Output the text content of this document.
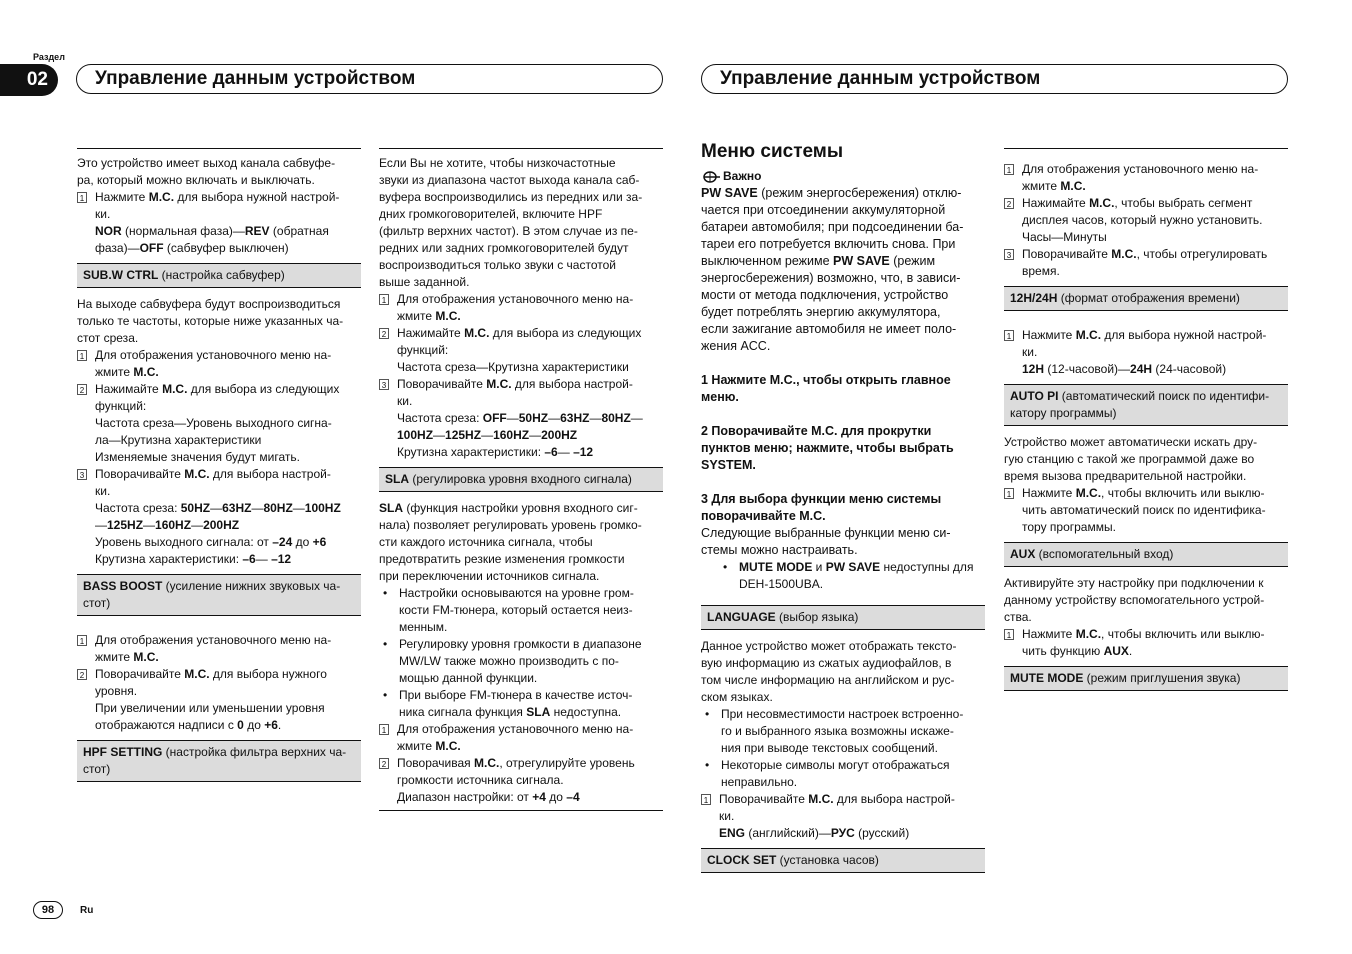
Раздел
02	Управление данным устройством	Управление данным устройством

Это устройство имеет выход канала сабвуфе-
ра, который можно включать и выключать.

1 Нажмите M.C. для выбора нужной настрой-
ки.
NOR (нормальная фаза)—REV (обратная
фаза)—OFF (сабвуфер выключен)
SUB.W CTRL (настройка сабвуфер)

На выходе сабвуфера будут воспроизводиться
только те частоты, которые ниже указанных ча-
стот среза.

1 Для отображения установочного меню на-
жмите M.C.
2 Нажимайте M.C. для выбора из следующих
функций:
Частота среза—Уровень выходного сигна-
ла—Крутизна характеристики
Изменяемые значения будут мигать.
3 Поворачивайте M.C. для выбора настрой-
ки.
Частота среза: 50HZ—63HZ—80HZ—100HZ
—125HZ—160HZ—200HZ
Уровень выходного сигнала: от –24 до +6
Крутизна характеристики: –6— –12
BASS BOOST (усиление нижних звуковых ча-
стот)
1 Для отображения установочного меню на-
жмите M.C.
2 Поворачивайте M.C. для выбора нужного
уровня.
При увеличении или уменьшении уровня
отображаются надписи с 0 до +6.
HPF SETTING (настройка фильтра верхних ча-
стот)

Если Вы не хотите, чтобы низкочастотные
звуки из диапазона частот выхода канала саб-
вуфера воспроизводились из передних или за-
дних громкоговорителей, включите HPF
(фильтр верхних частот). В этом случае из пе-
редних или задних громкоговорителей будут
воспроизводиться только звуки с частотой
выше заданной.

1 Для отображения установочного меню на-
жмите M.C.
2 Нажимайте M.C. для выбора из следующих
функций:
Частота среза—Крутизна характеристики
3 Поворачивайте M.C. для выбора настрой-
ки.
Частота среза: OFF—50HZ—63HZ—80HZ—
100HZ—125HZ—160HZ—200HZ
Крутизна характеристики: –6— –12
SLA (регулировка уровня входного сигнала)

SLA (функция настройки уровня входного сиг-
нала) позволяет регулировать уровень громко-
сти каждого источника сигнала, чтобы
предотвратить резкие изменения громкости
при переключении источников сигнала.

• Настройки основываются на уровне гром-
кости FM-тюнера, который остается неиз-
менным.
• Регулировку уровня громкости в диапазоне
MW/LW также можно производить с по-
мощью данной функции.
• При выборе FM-тюнера в качестве источ-
ника сигнала функция SLA недоступна.
1 Для отображения установочного меню на-
жмите M.C.
2 Поворачивая M.C., отрегулируйте уровень
громкости источника сигнала.
Диапазон настройки: от +4 до –4
Меню системы
Важно

PW SAVE (режим энергосбережения) отклю-
чается при отсоединении аккумуляторной
батареи автомобиля; при подсоединении ба-
тареи его потребуется включить снова. При
выключенном режиме PW SAVE (режим
энергосбережения) возможно, что, в зависи-
мости от метода подключения, устройство
будет потреблять энергию аккумулятора,
если зажигание автомобиля не имеет поло-
жения ACC.

1 Нажмите M.C., чтобы открыть главное
меню.
2 Поворачивайте M.C. для прокрутки
пунктов меню; нажмите, чтобы выбрать
SYSTEM.
3 Для выбора функции меню системы
поворачивайте M.C.

Следующие выбранные функции меню си-
стемы можно настраивать.

• MUTE MODE и PW SAVE недоступны для
DEH-1500UBA.
LANGUAGE (выбор языка)

Данное устройство может отображать тексто-
вую информацию из сжатых аудиофайлов, в
том числе информацию на английском и рус-
ском языках.

• При несовместимости настроек встроенно-
го и выбранного языка возможны искаже-
ния при выводе текстовых сообщений.
• Некоторые символы могут отображаться
неправильно.
1 Поворачивайте M.C. для выбора настрой-
ки.
ENG (английский)—РУС (русский)
CLOCK SET (установка часов)
1 Для отображения установочного меню на-
жмите M.C.
2 Нажимайте M.C., чтобы выбрать сегмент
дисплея часов, который нужно установить.
Часы—Минуты
3 Поворачивайте M.C., чтобы отрегулировать
время.
12H/24H (формат отображения времени)
1 Нажмите M.C. для выбора нужной настрой-
ки.
12H (12-часовой)—24H (24-часовой)
AUTO PI (автоматический поиск по идентифи-
катору программы)

Устройство может автоматически искать дру-
гую станцию с такой же программой даже во
время вызова предварительной настройки.

1 Нажмите M.C., чтобы включить или выклю-
чить автоматический поиск по идентифика-
тору программы.
AUX (вспомогательный вход)

Активируйте эту настройку при подключении к
данному устройству вспомогательного устрой-
ства.

1 Нажмите M.C., чтобы включить или выклю-
чить функцию AUX.
MUTE MODE (режим приглушения звука)
98	Ru
